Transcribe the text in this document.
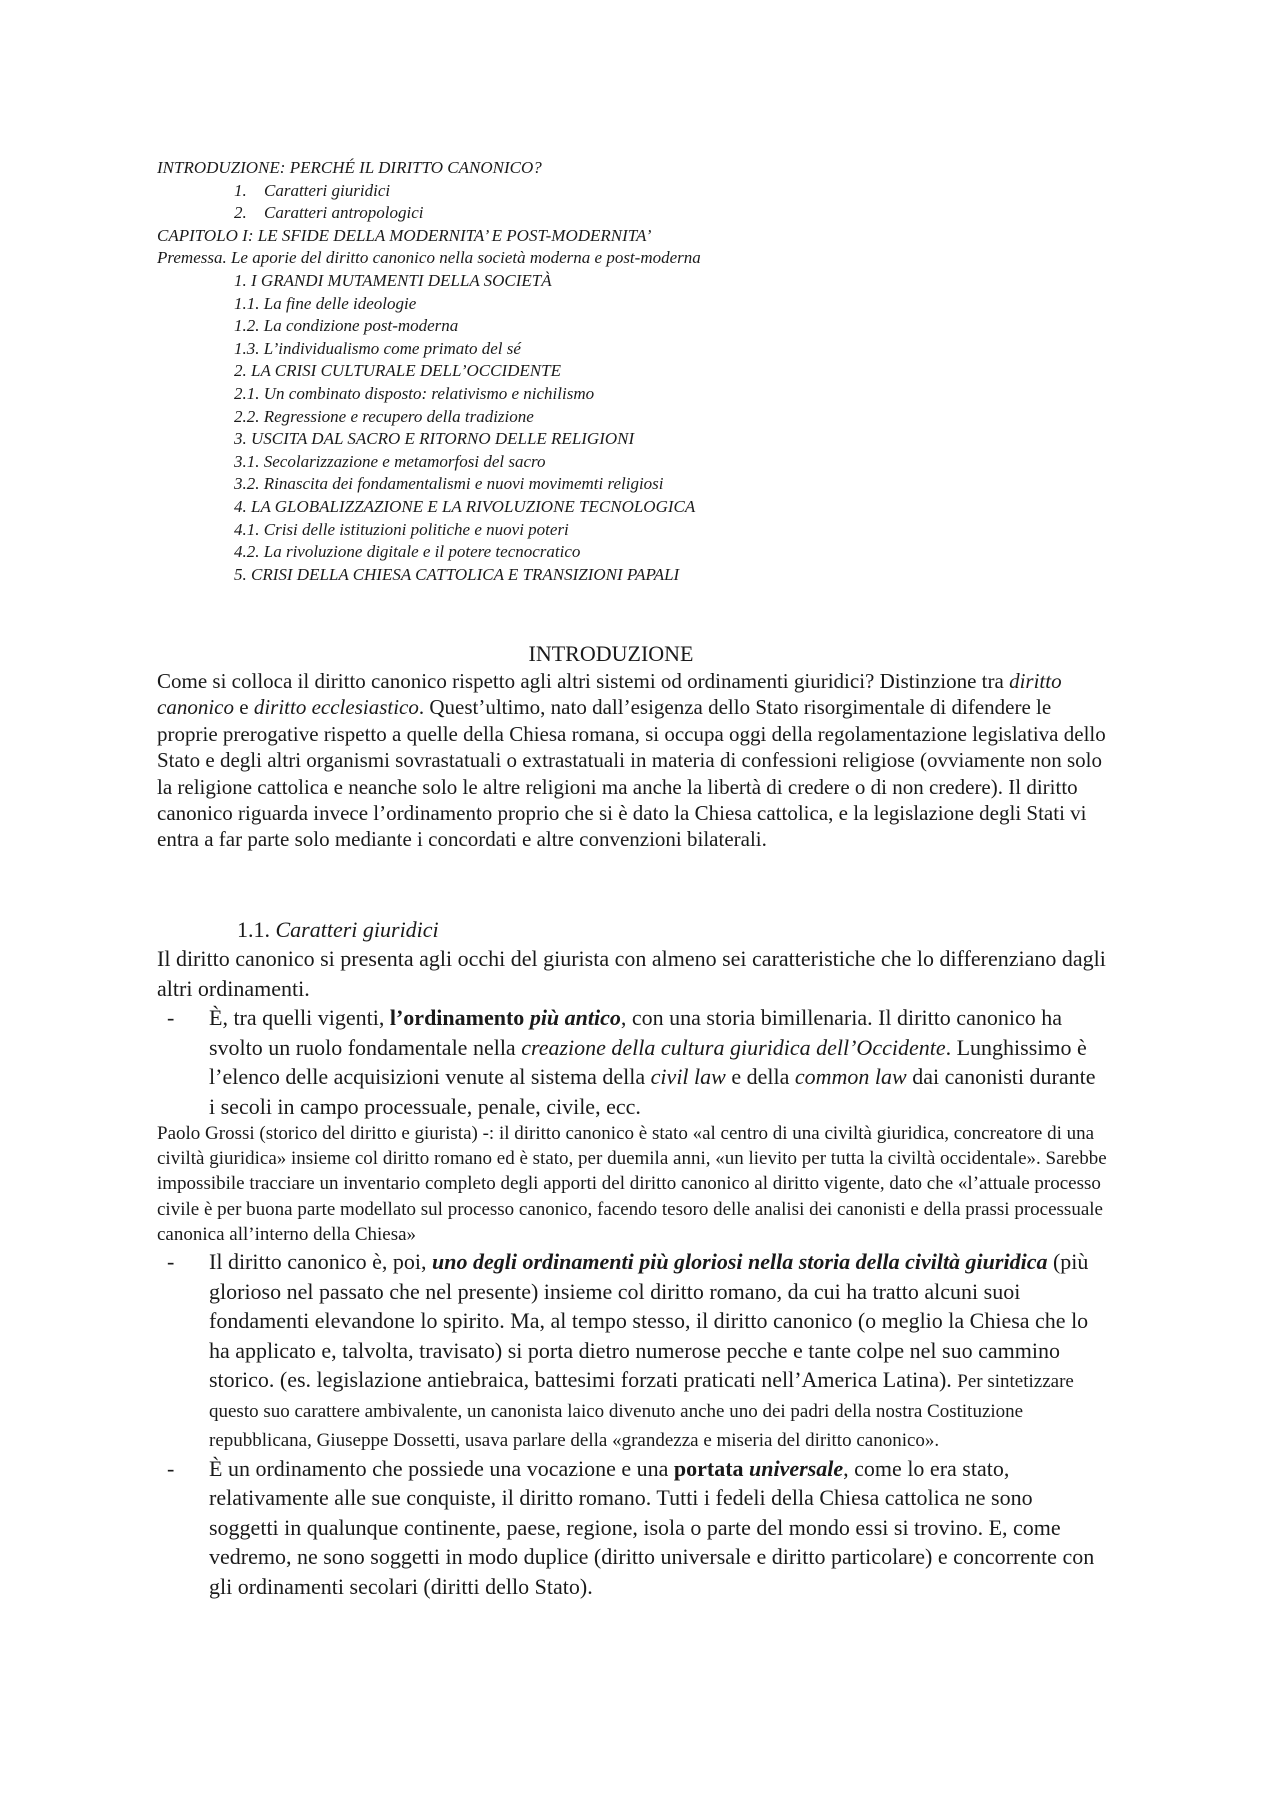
INTRODUZIONE: PERCHÉ IL DIRITTO CANONICO?
1. Caratteri giuridici
2. Caratteri antropologici
CAPITOLO I: LE SFIDE DELLA MODERNITA’ E POST-MODERNITA’
Premessa. Le aporie del diritto canonico nella società moderna e post-moderna
1. I GRANDI MUTAMENTI DELLA SOCIETÀ
1.1. La fine delle ideologie
1.2. La condizione post-moderna
1.3. L’individualismo come primato del sé
2. LA CRISI CULTURALE DELL’OCCIDENTE
2.1. Un combinato disposto: relativismo e nichilismo
2.2. Regressione e recupero della tradizione
3. USCITA DAL SACRO E RITORNO DELLE RELIGIONI
3.1. Secolarizzazione e metamorfosi del sacro
3.2. Rinascita dei fondamentalismi e nuovi movimemti religiosi
4. LA GLOBALIZZAZIONE E LA RIVOLUZIONE TECNOLOGICA
4.1. Crisi delle istituzioni politiche e nuovi poteri
4.2. La rivoluzione digitale e il potere tecnocratico
5. CRISI DELLA CHIESA CATTOLICA E TRANSIZIONI PAPALI
INTRODUZIONE
Come si colloca il diritto canonico rispetto agli altri sistemi od ordinamenti giuridici? Distinzione tra diritto canonico e diritto ecclesiastico. Quest’ultimo, nato dall’esigenza dello Stato risorgimentale di difendere le proprie prerogative rispetto a quelle della Chiesa romana, si occupa oggi della regolamentazione legislativa dello Stato e degli altri organismi sovrastatuali o extrastatuali in materia di confessioni religiose (ovviamente non solo la religione cattolica e neanche solo le altre religioni ma anche la libertà di credere o di non credere). Il diritto canonico riguarda invece l’ordinamento proprio che si è dato la Chiesa cattolica, e la legislazione degli Stati vi entra a far parte solo mediante i concordati e altre convenzioni bilaterali.
1.1. Caratteri giuridici
Il diritto canonico si presenta agli occhi del giurista con almeno sei caratteristiche che lo differenziano dagli altri ordinamenti.
- È, tra quelli vigenti, l’ordinamento più antico, con una storia bimillenaria. Il diritto canonico ha svolto un ruolo fondamentale nella creazione della cultura giuridica dell’Occidente. Lunghissimo è l’elenco delle acquisizioni venute al sistema della civil law e della common law dai canonisti durante i secoli in campo processuale, penale, civile, ecc.
Paolo Grossi (storico del diritto e giurista) -: il diritto canonico è stato «al centro di una civiltà giuridica, concreatore di una civiltà giuridica» insieme col diritto romano ed è stato, per duemila anni, «un lievito per tutta la civiltà occidentale». Sarebbe impossibile tracciare un inventario completo degli apporti del diritto canonico al diritto vigente, dato che «l’attuale processo civile è per buona parte modellato sul processo canonico, facendo tesoro delle analisi dei canonisti e della prassi processuale canonica all’interno della Chiesa»
- Il diritto canonico è, poi, uno degli ordinamenti più gloriosi nella storia della civiltà giuridica (più glorioso nel passato che nel presente) insieme col diritto romano, da cui ha tratto alcuni suoi fondamenti elevandone lo spirito. Ma, al tempo stesso, il diritto canonico (o meglio la Chiesa che lo ha applicato e, talvolta, travisato) si porta dietro numerose pecche e tante colpe nel suo cammino storico. (es. legislazione antiebraica, battesimi forzati praticati nell’America Latina). Per sintetizzare questo suo carattere ambivalente, un canonista laico divenuto anche uno dei padri della nostra Costituzione repubblicana, Giuseppe Dossetti, usava parlare della «grandezza e miseria del diritto canonico».
- È un ordinamento che possiede una vocazione e una portata universale, come lo era stato, relativamente alle sue conquiste, il diritto romano. Tutti i fedeli della Chiesa cattolica ne sono soggetti in qualunque continente, paese, regione, isola o parte del mondo essi si trovino. E, come vedremo, ne sono soggetti in modo duplice (diritto universale e diritto particolare) e concorrente con gli ordinamenti secolari (diritti dello Stato).
